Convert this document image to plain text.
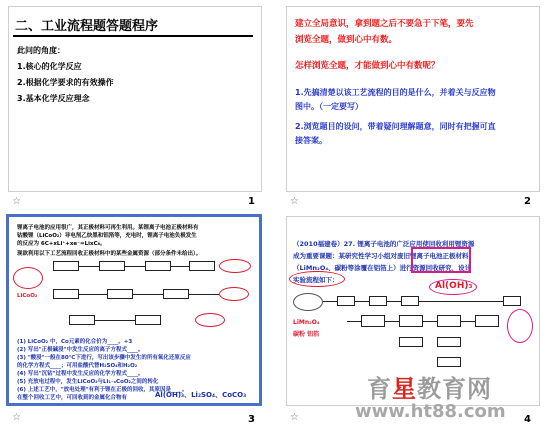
二、工业流程题答题程序
此问的角度：
1.核心的化学反应
2.根据化学要求的有效操作
3.基本化学反应理念
☆	1
建立全局意识，拿到题之后不要急于下笔，要先
浏览全题，做到心中有数。
怎样浏览全题，才能做到心中有数呢？
1.先搞清楚以该工艺流程的目的是什么，并着关与反应物
图中。（一定要写）
2.浏览题目的设问，带着疑问理解题意，同时有把握可直
接答案。
☆	2
锂离子电池的应用很广，其正极材料可再生利用。某锂离子电池正极材料有
钴酸锂（LiCoO₂）导电剂乙炔黑和铝箔等，充电时，锂离子电池负极发生
的反应为 6C+xLi⁺+xe⁻=LixC₆。
现欲利用以下工艺流程回收正极材料中的某些金属资源（部分条件未给出）。
LiCoO₂
(1) LiCoO₂ 中，Co元素的化合价为____。+3
(2) 写出"正极碱浸"中发生反应的离子方程式____。
(3) "酸浸"一般在80℃下进行，写出该步骤中发生的所有氧化还原反应
的化学方程式____；可用盐酸代替H₂SO₄和H₂O₂
(4) 写出"沉钴"过程中发生反应的化学方程式____。
(5) 充放电过程中，发生LiCoO₂与Li₁₋ₓCoO₂之间的转化
(6) 上述工艺中，"放电处理"有利于锂在正极的回收，其原因是____。
在整个回收工艺中，可回收到的金属化合物有	Al(OH)₃、Li₂SO₄、CoCO₃
☆	3
（2010福建卷）27. 锂离子电池的广泛应用使回收利用锂资源
成为重要课题：某研究性学习小组对废旧锂离子电池正极材料
（LiMn₂O₄、碳粉等涂覆在铝箔上）进行资源回收研究，设计
实验流程如下：
Al(OH)₃
LiMn₂O₄
碳粉 铝箔
☆	4
育星教育网
www.ht88.com
